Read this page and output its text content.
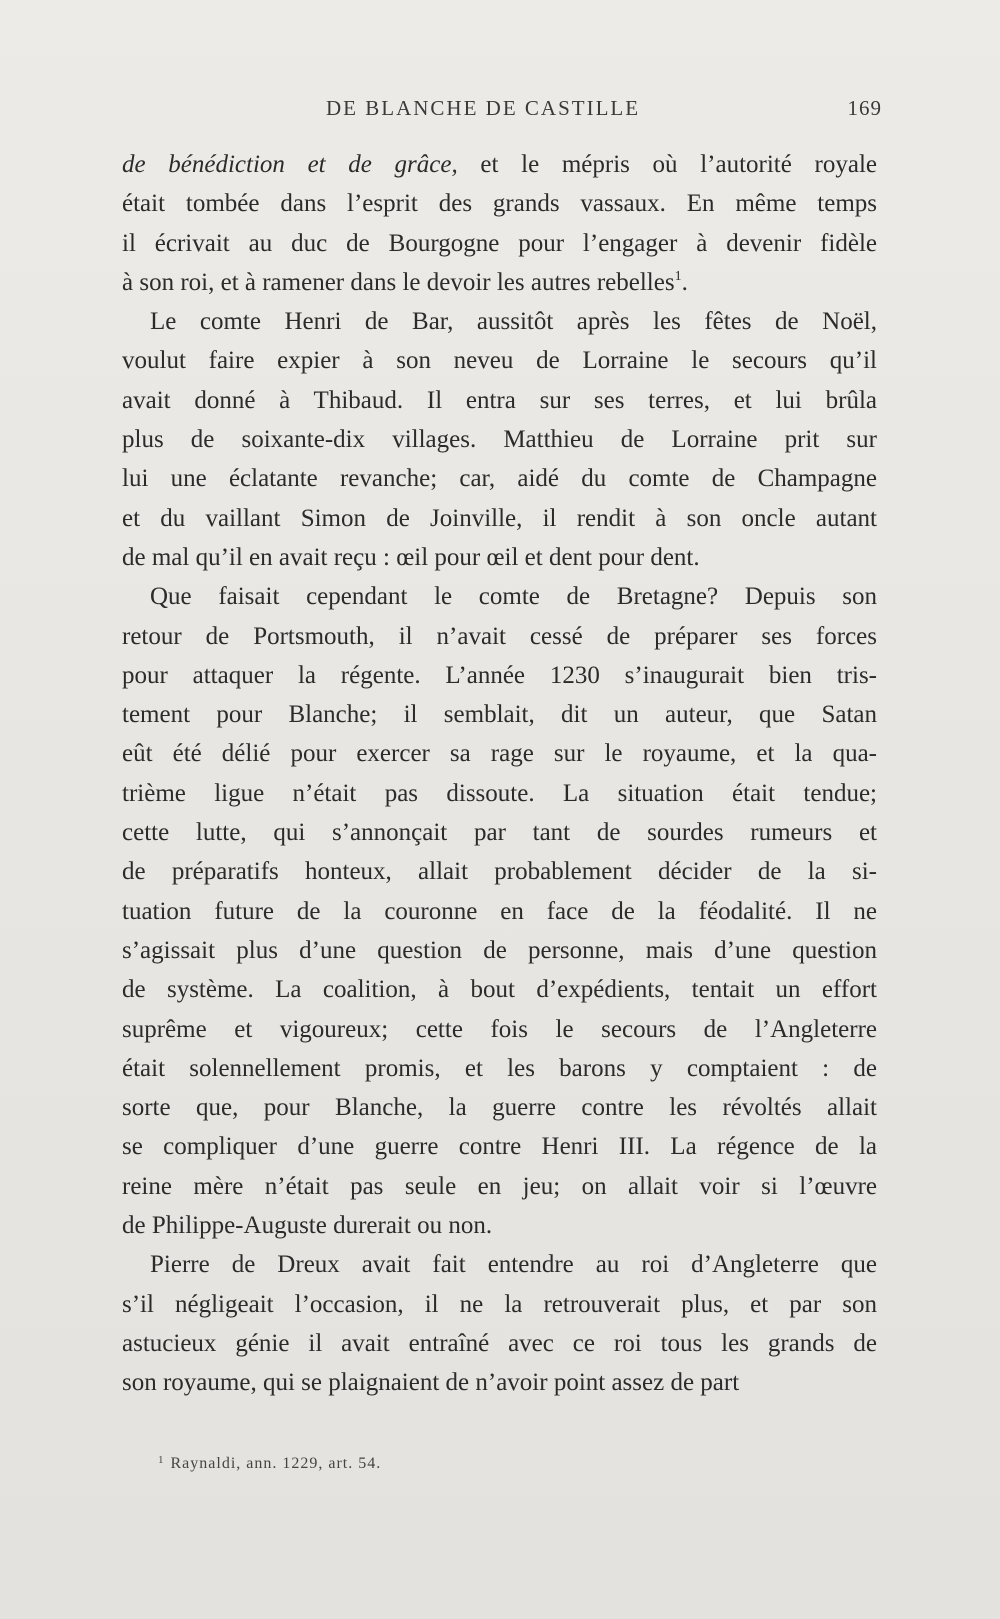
DE BLANCHE DE CASTILLE	169
de bénédiction et de grâce, et le mépris où l’autorité royale
était tombée dans l’esprit des grands vassaux. En même temps
il écrivait au duc de Bourgogne pour l’engager à devenir fidèle
à son roi, et à ramener dans le devoir les autres rebelles$^1$.
Le comte Henri de Bar, aussitôt après les fêtes de Noël,
voulut faire expier à son neveu de Lorraine le secours qu’il
avait donné à Thibaud. Il entra sur ses terres, et lui brûla
plus de soixante-dix villages. Matthieu de Lorraine prit sur
lui une éclatante revanche; car, aidé du comte de Champagne
et du vaillant Simon de Joinville, il rendit à son oncle autant
de mal qu’il en avait reçu : œil pour œil et dent pour dent.
Que faisait cependant le comte de Bretagne? Depuis son
retour de Portsmouth, il n’avait cessé de préparer ses forces
pour attaquer la régente. L’année 1230 s’inaugurait bien tris-
tement pour Blanche; il semblait, dit un auteur, que Satan
eût été délié pour exercer sa rage sur le royaume, et la qua-
trième ligue n’était pas dissoute. La situation était tendue;
cette lutte, qui s’annonçait par tant de sourdes rumeurs et
de préparatifs honteux, allait probablement décider de la si-
tuation future de la couronne en face de la féodalité. Il ne
s’agissait plus d’une question de personne, mais d’une question
de système. La coalition, à bout d’expédients, tentait un effort
suprême et vigoureux; cette fois le secours de l’Angleterre
était solennellement promis, et les barons y comptaient : de
sorte que, pour Blanche, la guerre contre les révoltés allait
se compliquer d’une guerre contre Henri III. La régence de la
reine mère n’était pas seule en jeu; on allait voir si l’œuvre
de Philippe-Auguste durerait ou non.
Pierre de Dreux avait fait entendre au roi d’Angleterre que
s’il négligeait l’occasion, il ne la retrouverait plus, et par son
astucieux génie il avait entraîné avec ce roi tous les grands de
son royaume, qui se plaignaient de n’avoir point assez de part
$^1$ Raynaldi, ann. 1229, art. 54.
